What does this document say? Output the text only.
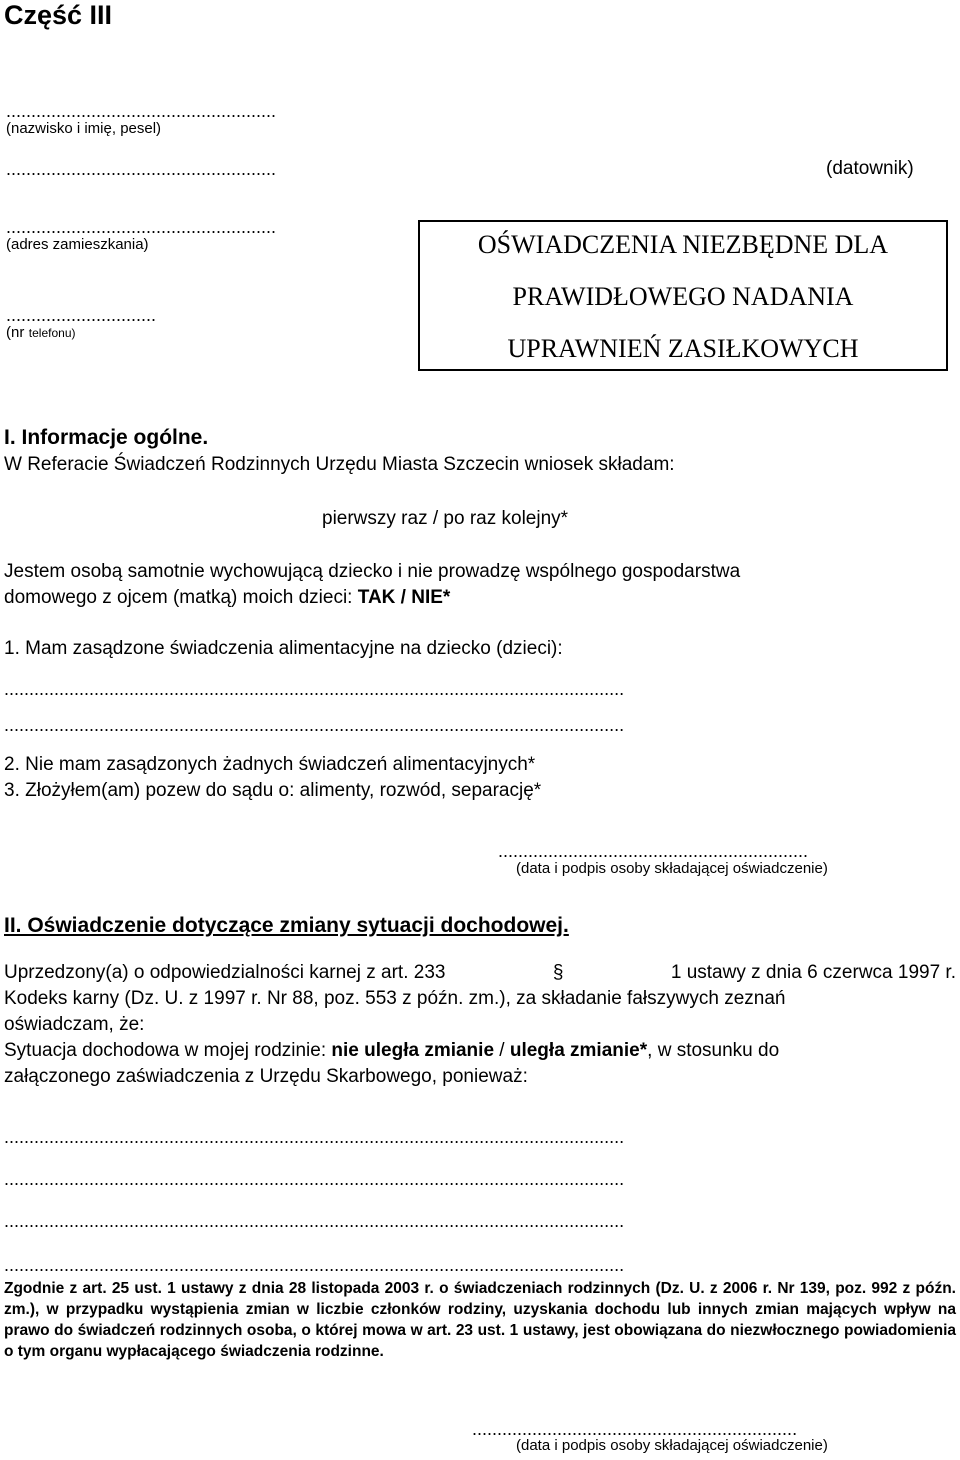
Część III
......................................................
(nazwisko i imię, pesel)
......................................................	(datownik)
......................................................
(adres zamieszkania)
..............................
(nr telefonu)
OŚWIADCZENIA NIEZBĘDNE DLA
PRAWIDŁOWEGO NADANIA
UPRAWNIEŃ ZASIŁKOWYCH
I. Informacje ogólne.
W Referacie Świadczeń Rodzinnych Urzędu Miasta Szczecin wniosek składam:
pierwszy raz / po raz kolejny*
Jestem osobą samotnie wychowującą dziecko i nie prowadzę wspólnego gospodarstwa
domowego z ojcem (matką) moich dzieci: TAK / NIE*
1. Mam zasądzone świadczenia alimentacyjne na dziecko (dzieci):
............................................................................................................................
............................................................................................................................
2. Nie mam zasądzonych żadnych świadczeń alimentacyjnych*
3. Złożyłem(am) pozew do sądu o: alimenty, rozwód, separację*
..............................................................
(data i podpis osoby składającej oświadczenie)
II. Oświadczenie dotyczące zmiany sytuacji dochodowej.
Uprzedzony(a) o odpowiedzialności karnej z art. 233	§	1 ustawy z dnia 6 czerwca 1997 r.
Kodeks karny (Dz. U. z 1997 r. Nr 88, poz. 553 z późn. zm.), za składanie fałszywych zeznań
oświadczam, że:
Sytuacja dochodowa w mojej rodzinie: nie uległa zmianie / uległa zmianie*, w stosunku do
załączonego zaświadczenia z Urzędu Skarbowego, ponieważ:
............................................................................................................................
............................................................................................................................
............................................................................................................................
............................................................................................................................
Zgodnie z art. 25 ust. 1 ustawy z dnia 28 listopada 2003 r. o świadczeniach rodzinnych (Dz. U. z 2006 r. Nr 139, poz. 992 z późn. zm.), w przypadku wystąpienia zmian w liczbie członków rodziny, uzyskania dochodu lub innych zmian mających wpływ na prawo do świadczeń rodzinnych osoba, o której mowa w art. 23 ust. 1 ustawy, jest obowiązana do niezwłocznego powiadomienia o tym organu wypłacającego świadczenia rodzinne.
.................................................................
(data i podpis osoby składającej oświadczenie)
